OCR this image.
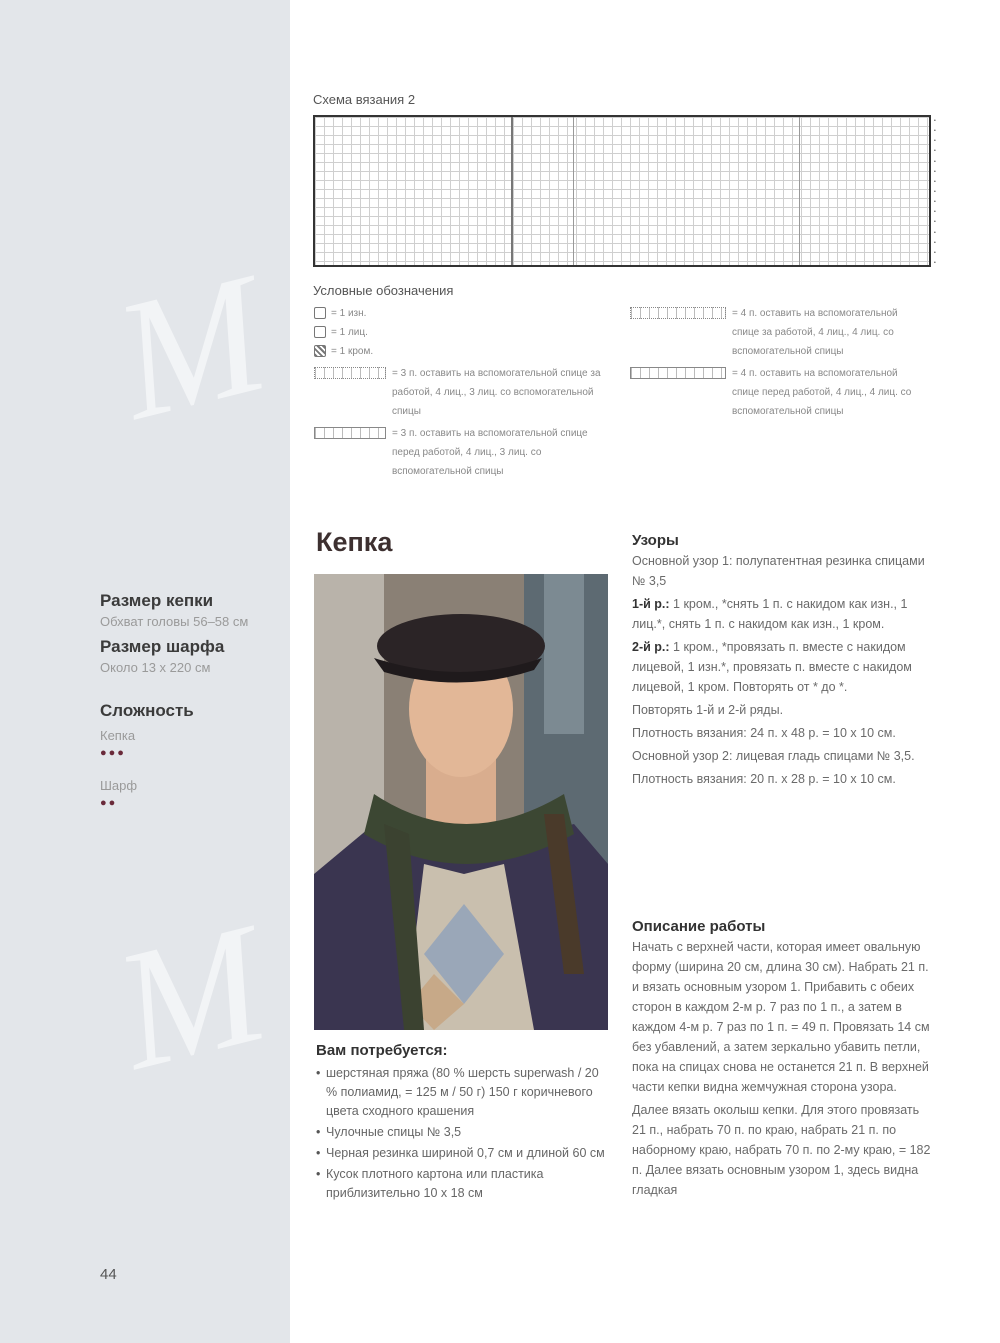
M
M
Размер кепки
Обхват головы 56–58 см
Размер шарфа
Около 13 x 220 см
Сложность
Кепка
●●●
Шарф
●●
44
Схема вязания 2
•
•
•
•
•
•
•
•
•
•
•
•
•
•
•
Условные обозначения
= 1 изн.
= 1 лиц.
= 1 кром.
= 3 п. оставить на вспомогательной спице за работой, 4 лиц., 3 лиц. со вспомогательной спицы
= 3 п. оставить на вспомогательной спице перед работой, 4 лиц., 3 лиц. со вспомогательной спицы
= 4 п. оставить на вспомогательной спице за работой, 4 лиц., 4 лиц. со вспомогательной спицы
= 4 п. оставить на вспомогательной спице перед работой, 4 лиц., 4 лиц. со вспомогательной спицы
Кепка
Вам потребуется:
• шерстяная пряжа (80 % шерсть superwash / 20 % полиамид, = 125 м / 50 г) 150 г коричневого цвета сходного крашения
• Чулочные спицы № 3,5
• Черная резинка шириной 0,7 см и длиной 60 см
• Кусок плотного картона или пластика приблизительно 10 x 18 см
Узоры

Основной узор 1: полупатентная резинка спицами № 3,5

1-й р.: 1 кром., *снять 1 п. с накидом как изн., 1 лиц.*, снять 1 п. с накидом как изн., 1 кром.

2-й р.: 1 кром., *провязать п. вместе с накидом лицевой, 1 изн.*, провязать п. вместе с накидом лицевой, 1 кром. Повторять от * до *.

Повторять 1-й и 2-й ряды.

Плотность вязания: 24 п. x 48 р. = 10 x 10 см.

Основной узор 2: лицевая гладь спицами № 3,5.

Плотность вязания: 20 п. x 28 р. = 10 x 10 см.

Описание работы

Начать с верхней части, которая имеет овальную форму (ширина 20 см, длина 30 см). Набрать 21 п. и вязать основным узором 1. Прибавить с обеих сторон в каждом 2-м р. 7 раз по 1 п., а затем в каждом 4-м р. 7 раз по 1 п. = 49 п. Провязать 14 см без убавлений, а затем зеркально убавить петли, пока на спицах снова не останется 21 п. В верхней части кепки видна жемчужная сторона узора.

Далее вязать околыш кепки. Для этого провязать 21 п., набрать 70 п. по краю, набрать 21 п. по наборному краю, набрать 70 п. по 2-му краю, = 182 п. Далее вязать основным узором 1, здесь видна гладкая
